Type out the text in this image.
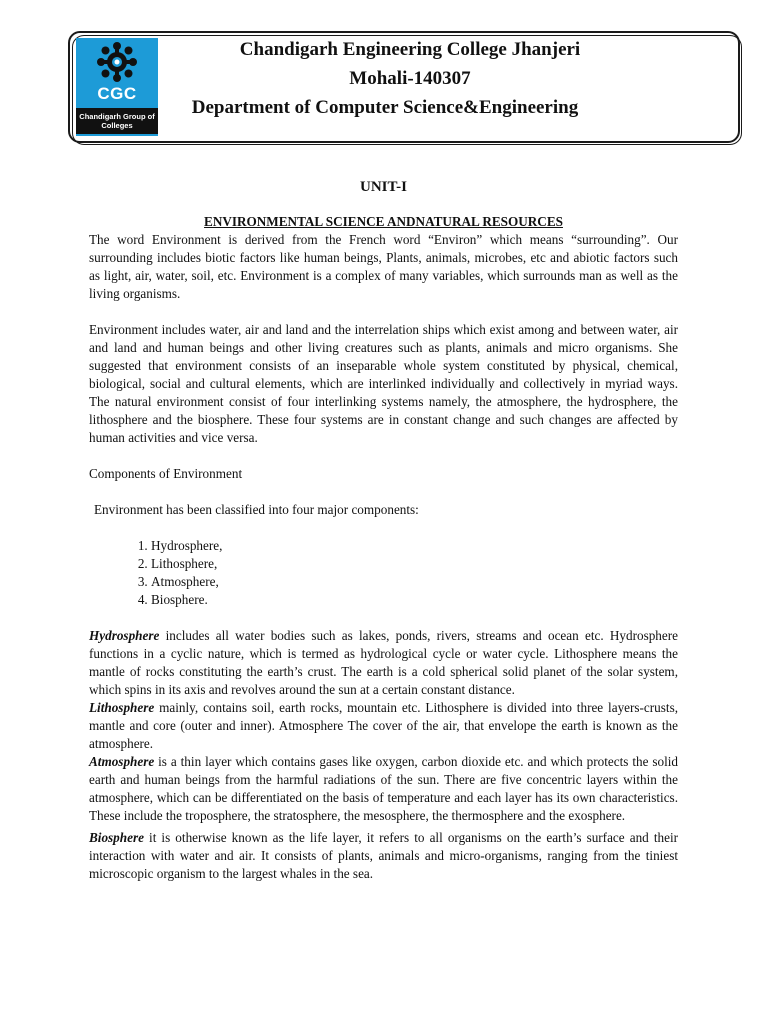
CGC
Chandigarh Group of Colleges
Chandigarh Engineering College Jhanjeri
Mohali-140307
Department of Computer Science&Engineering
UNIT-I
ENVIRONMENTAL SCIENCE ANDNATURAL RESOURCES

The word Environment is derived from the French word “Environ” which means “surrounding”. Our surrounding includes biotic factors like human beings, Plants, animals, microbes, etc and abiotic factors such as light, air, water, soil, etc. Environment is a complex of many variables, which surrounds man as well as the living organisms.

Environment includes water, air and land and the interrelation ships which exist among and between water, air and land and human beings and other living creatures such as plants, animals and micro organisms. She suggested that environment consists of an inseparable whole system constituted by physical, chemical, biological, social and cultural elements, which are interlinked individually and collectively in myriad ways. The natural environment consist of four interlinking systems namely, the atmosphere, the hydrosphere, the lithosphere and the biosphere. These four systems are in constant change and such changes are affected by human activities and vice versa.

Components of Environment

Environment has been classified into four major components:

1. Hydrosphere,
2. Lithosphere,
3. Atmosphere,
4. Biosphere.

Hydrosphere includes all water bodies such as lakes, ponds, rivers, streams and ocean etc. Hydrosphere functions in a cyclic nature, which is termed as hydrological cycle or water cycle. Lithosphere means the mantle of rocks constituting the earth’s crust. The earth is a cold spherical solid planet of the solar system, which spins in its axis and revolves around the sun at a certain constant distance.

Lithosphere mainly, contains soil, earth rocks, mountain etc. Lithosphere is divided into three layers-crusts, mantle and core (outer and inner). Atmosphere The cover of the air, that envelope the earth is known as the atmosphere.

Atmosphere is a thin layer which contains gases like oxygen, carbon dioxide etc. and which protects the solid earth and human beings from the harmful radiations of the sun. There are five concentric layers within the atmosphere, which can be differentiated on the basis of temperature and each layer has its own characteristics. These include the troposphere, the stratosphere, the mesosphere, the thermosphere and the exosphere.

Biosphere it is otherwise known as the life layer, it refers to all organisms on the earth’s surface and their interaction with water and air. It consists of plants, animals and micro-organisms, ranging from the tiniest microscopic organism to the largest whales in the sea.
